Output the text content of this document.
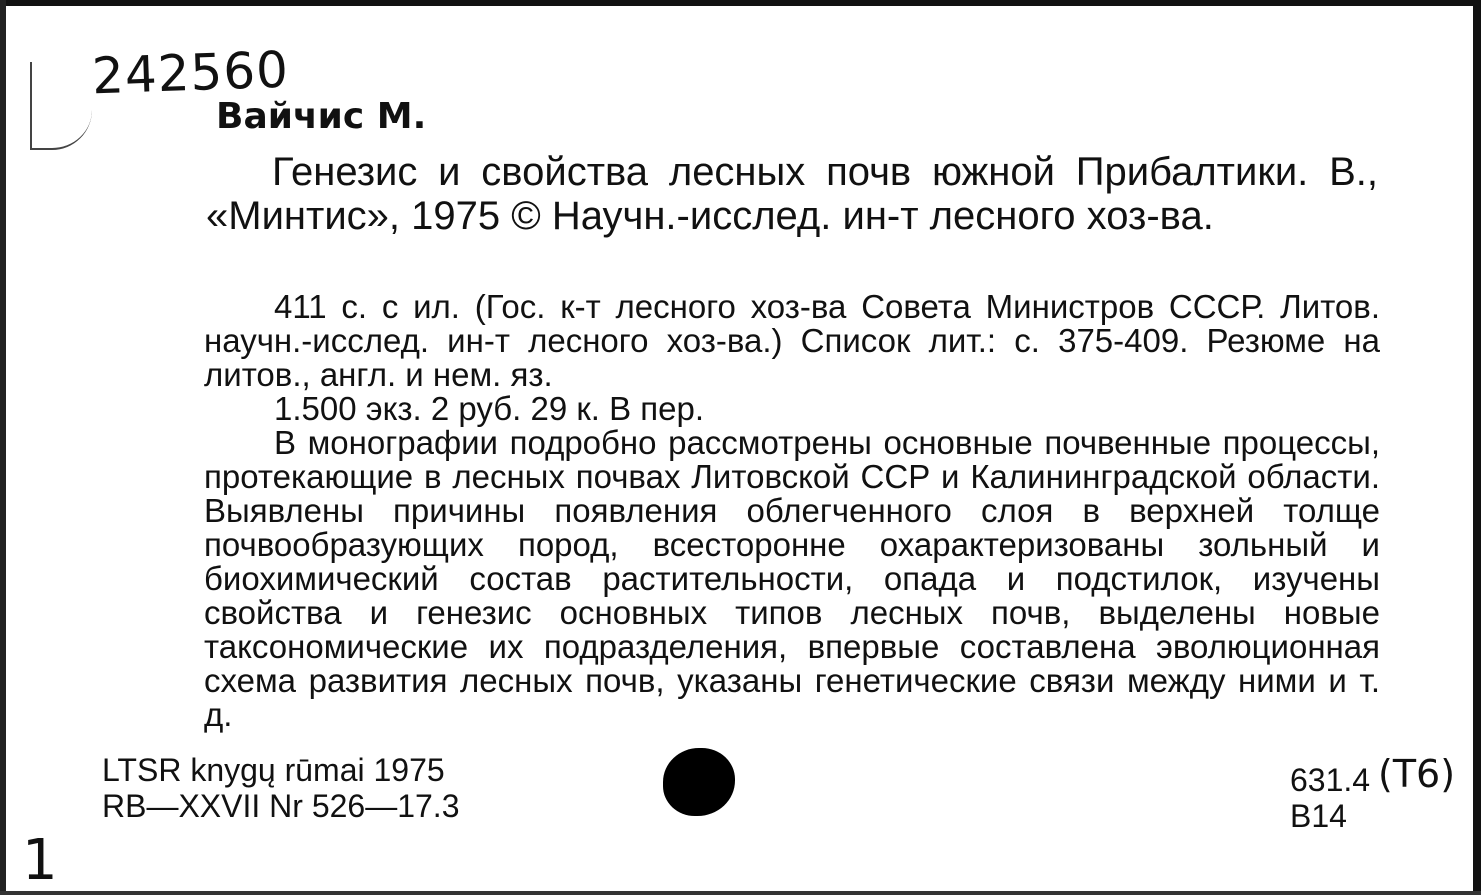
242560
Вайчис М.

Генезис и свойства лесных почв южной Прибалтики. В., «Минтис», 1975 © Научн.-исслед. ин-т лесного хоз-ва.

411 с. с ил. (Гос. к-т лесного хоз-ва Совета Министров СССР. Литов. научн.-исслед. ин-т лесного хоз-ва.) Список лит.: с. 375-409. Резюме на литов., англ. и нем. яз.

1.500 экз. 2 руб. 29 к. В пер.

В монографии подробно рассмотрены основные почвенные процессы, протекающие в лесных почвах Литовской ССР и Калининградской области. Выявлены причины появления облегченного слоя в верхней толще почвообразующих пород, всесторонне охарактеризованы зольный и биохимический состав растительности, опада и подстилок, изучены свойства и генезис основных типов лесных почв, выделены новые таксономические их подразделения, впервые составлена эволюционная схема развития лесных почв, указаны генетические связи между ними и т. д.

LTSR knygų rūmai 1975
RB—XXVII Nr 526—17.3
631.4
B14
(T6)
1
